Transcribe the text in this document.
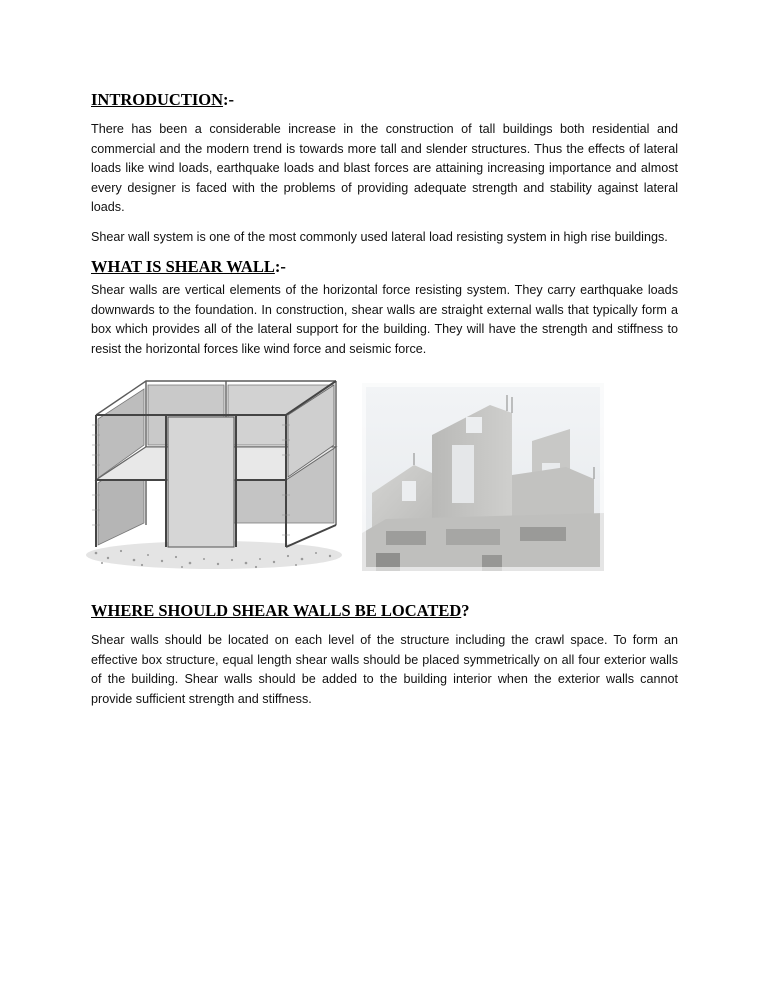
INTRODUCTION:-

There has been a considerable increase in the construction of tall buildings both residential and commercial and the modern trend is towards more tall and slender structures. Thus the effects of lateral loads like wind loads, earthquake loads and blast forces are attaining increasing importance and almost every designer is faced with the problems of providing adequate strength and stability against lateral loads.

Shear wall system is one of the most commonly used lateral load resisting system in high rise buildings.

WHAT IS SHEAR WALL:-

Shear walls are vertical elements of the horizontal force resisting system. They carry earthquake loads downwards to the foundation. In construction, shear walls are straight external walls that typically form a box which provides all of the lateral support for the building. They will have the strength and stiffness to resist the horizontal forces like wind force and seismic force.

WHERE SHOULD SHEAR WALLS BE LOCATED?

Shear walls should be located on each level of the structure including the crawl space. To form an effective box structure, equal length shear walls should be placed symmetrically on all four exterior walls of the building. Shear walls should be added to the building interior when the exterior walls cannot provide sufficient strength and stiffness.
